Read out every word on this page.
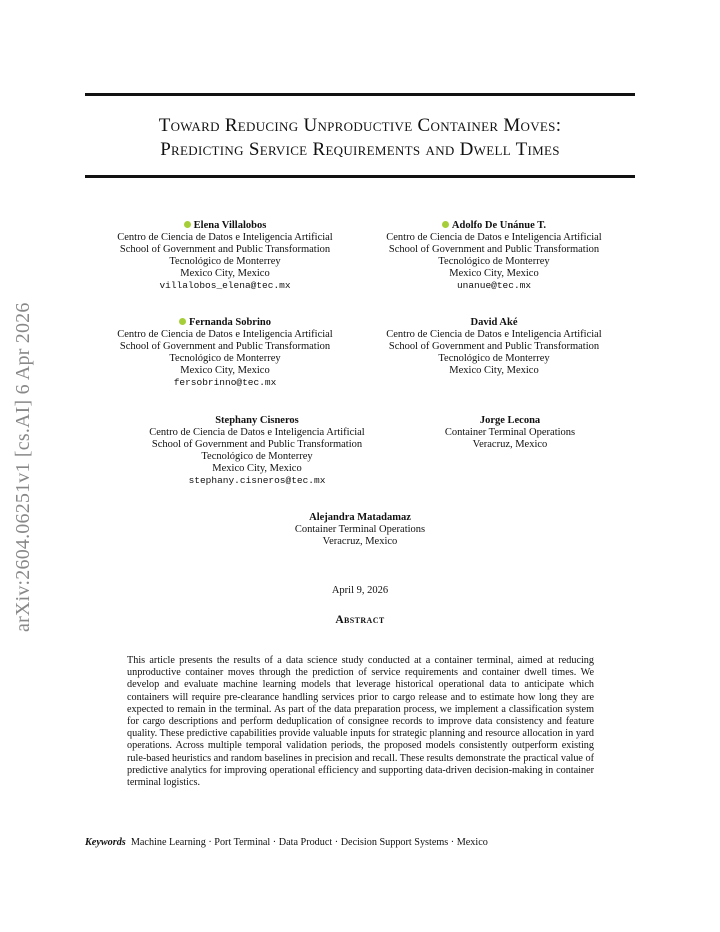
arXiv:2604.06251v1 [cs.AI] 6 Apr 2026
Toward Reducing Unproductive Container Moves:
Predicting Service Requirements and Dwell Times
Elena Villalobos
Centro de Ciencia de Datos e Inteligencia Artificial
School of Government and Public Transformation
Tecnológico de Monterrey
Mexico City, Mexico
villalobos_elena@tec.mx
Adolfo De Unánue T.
Centro de Ciencia de Datos e Inteligencia Artificial
School of Government and Public Transformation
Tecnológico de Monterrey
Mexico City, Mexico
unanue@tec.mx
Fernanda Sobrino
Centro de Ciencia de Datos e Inteligencia Artificial
School of Government and Public Transformation
Tecnológico de Monterrey
Mexico City, Mexico
fersobrinno@tec.mx
David Aké
Centro de Ciencia de Datos e Inteligencia Artificial
School of Government and Public Transformation
Tecnológico de Monterrey
Mexico City, Mexico
Stephany Cisneros
Centro de Ciencia de Datos e Inteligencia Artificial
School of Government and Public Transformation
Tecnológico de Monterrey
Mexico City, Mexico
stephany.cisneros@tec.mx
Jorge Lecona
Container Terminal Operations
Veracruz, Mexico
Alejandra Matadamaz
Container Terminal Operations
Veracruz, Mexico
April 9, 2026
Abstract
This article presents the results of a data science study conducted at a container terminal, aimed at reducing unproductive container moves through the prediction of service requirements and container dwell times. We develop and evaluate machine learning models that leverage historical operational data to anticipate which containers will require pre-clearance handling services prior to cargo release and to estimate how long they are expected to remain in the terminal. As part of the data preparation process, we implement a classification system for cargo descriptions and perform deduplication of consignee records to improve data consistency and feature quality. These predictive capabilities provide valuable inputs for strategic planning and resource allocation in yard operations. Across multiple temporal validation periods, the proposed models consistently outperform existing rule-based heuristics and random baselines in precision and recall. These results demonstrate the practical value of predictive analytics for improving operational efficiency and supporting data-driven decision-making in container terminal logistics.
Keywords Machine Learning · Port Terminal · Data Product · Decision Support Systems · Mexico
